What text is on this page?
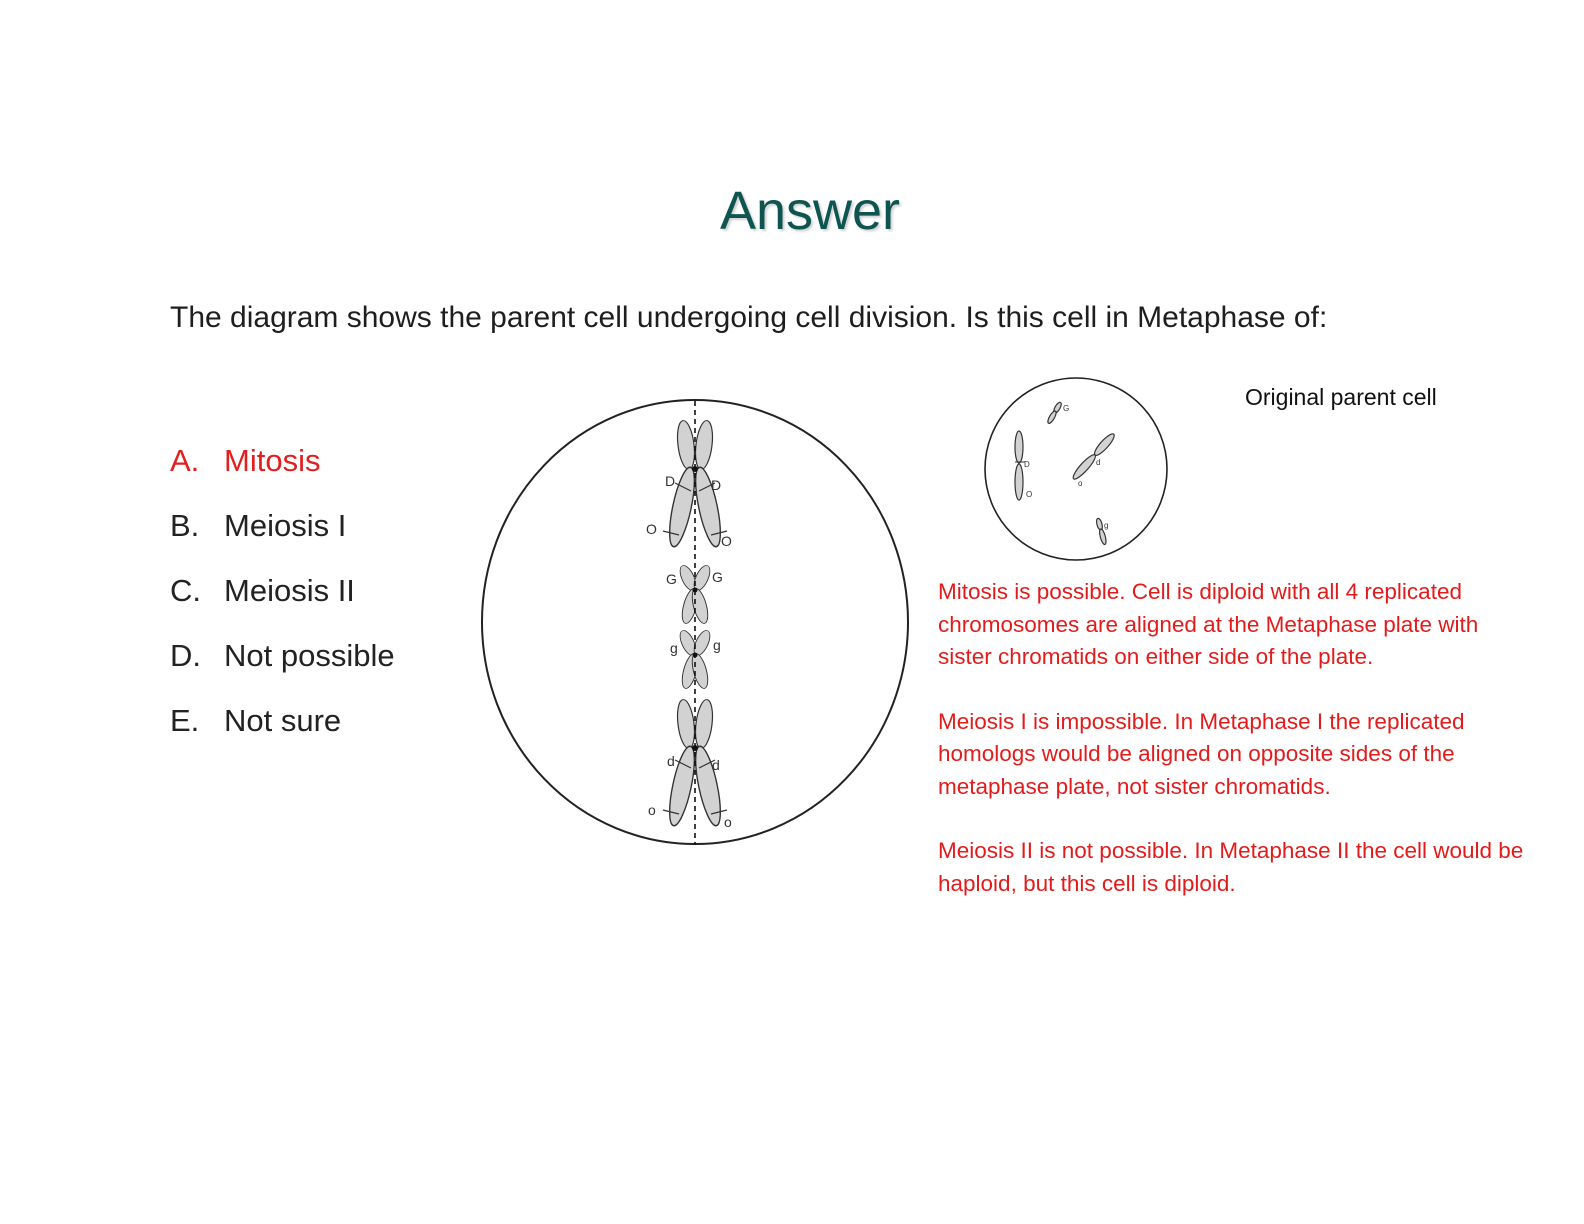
Answer
The diagram shows the parent cell undergoing cell division. Is this cell in Metaphase of:
A. Mitosis
B. Meiosis I
C. Meiosis II
D. Not possible
E. Not sure
D	D
O
O
G	G
g	g
d	d
o
o
G
D
O
d
o
g
Original parent cell

Mitosis is possible. Cell is diploid with all 4 replicated chromosomes are aligned at the Metaphase plate with sister chromatids on either side of the plate.

Meiosis I is impossible. In Metaphase I the replicated homologs would be aligned on opposite sides of the metaphase plate, not sister chromatids.

Meiosis II is not possible. In Metaphase II the cell would be haploid, but this cell is diploid.
